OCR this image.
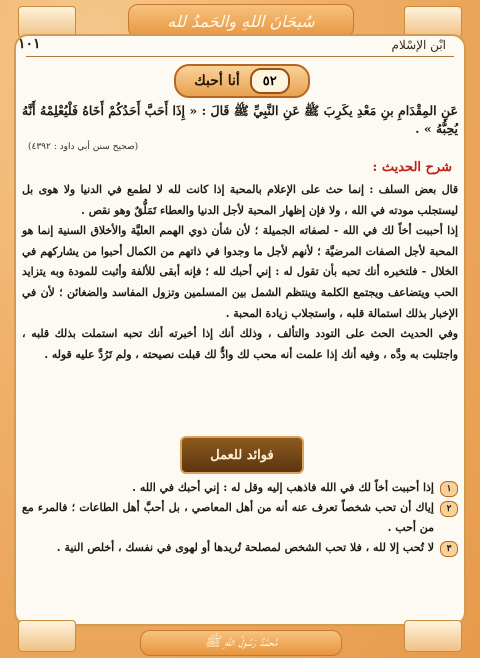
سُبحَانَ اللهِ والحَمدُ لله
١٠١	ابْن الإسْلام
٥٢
أنا أحبك
عَنِ المِقْدَامِ بنِ مَعْدِ يكَرِبَ ﷺ عَنِ النَّبِيِّ ﷺ قَالَ : « إِذَا أَحَبَّ أَحَدُكُمْ أَخَاهُ فَلْيُعْلِمْهُ أَنَّهُ يُحِبُّهُ » .
(صحيح سنن أبي داود : ٤٣٩٢)
شرح الحديث :

قال بعض السلف : إنما حث على الإعلام بالمحبة إذا كانت لله لا لطمع في الدنيا ولا هوى بل ليستجلب مودته في الله ، ولا فإن إظهار المحبة لأجل الدنيا والعطاء تَمَلُّقٌ وهو نقص .

إذا أحببت أخاً لك في الله - لصفاته الجميلة ؛ لأن شأن ذوي الهمم العليَّة والأخلاق السنية إنما هو المحبة لأجل الصفات المرضيَّة ؛ لأنهم لأجل ما وجدوا في ذاتهم من الكمال أحبوا من يشاركهم في الخلال - فلتخبره أنك تحبه بأن تقول له : إني أحبك لله ؛ فإنه أبقى للألفة وأثبت للمودة وبه يتزايد الحب ويتضاعف ويجتمع الكلمة وينتظم الشمل بين المسلمين وتزول المفاسد والضغائن ؛ لأن في الإخبار بذلك استمالة قلبه ، واستجلاب زيادة المحبة .

وفي الحديث الحث على التودد والتألف ، وذلك أنك إذا أخبرته أنك تحبه استملت بذلك قلبه ، واجتلبت به ودَّه ، وفيه أنك إذا علمت أنه محب لك وادٌّ لك قبلت نصيحته ، ولم تَرُدَّ عليه قوله .

فوائد للعمل
١
إذا أحببت أخاً لك في الله فاذهب إليه وقل له : إني أحبك في الله .
٢
إياك أن تحب شخصاً تعرف عنه أنه من أهل المعاصي ، بل أحبَّ أهل الطاعات ؛ فالمرء مع من أحب .
٣
لا تُحب إلا لله ، فلا تحب الشخص لمصلحة تُريدها أو لهوى في نفسك ، أخلص النية .
مُحمَّدٌ رَسُولُ اللهِ ﷺ
